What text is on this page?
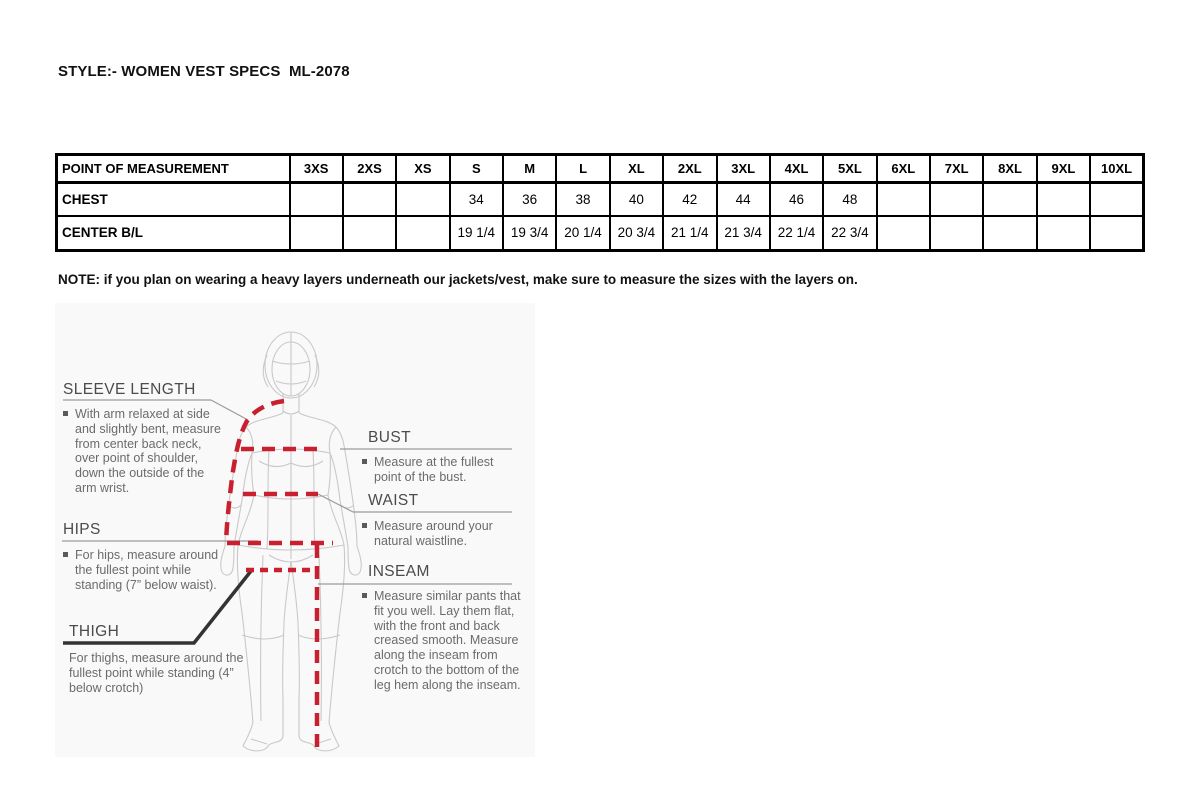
STYLE:- WOMEN VEST SPECS  ML-2078
POINT OF MEASUREMENT	3XS	2XS	XS	S	M	L	XL	2XL	3XL	4XL	5XL	6XL	7XL	8XL	9XL	10XL
CHEST				34	36	38	40	42	44	46	48					
CENTER B/L				19 1/4	19 3/4	20 1/4	20 3/4	21 1/4	21 3/4	22 1/4	22 3/4					
NOTE: if you plan on wearing a heavy layers underneath our jackets/vest, make sure to measure the sizes with the layers on.
SLEEVE LENGTH
With arm relaxed at side and slightly bent, measure from center back neck, over point of shoulder, down the outside of the arm wrist.
HIPS
For hips, measure around the fullest point while standing (7” below waist).
THIGH
For thighs, measure around the fullest point while standing (4” below crotch)
BUST
Measure at the fullest point of the bust.
WAIST
Measure around your natural waistline.
INSEAM
Measure similar pants that fit you well. Lay them flat, with the front and back creased smooth. Measure along the inseam from crotch to the bottom of the leg hem along the inseam.
